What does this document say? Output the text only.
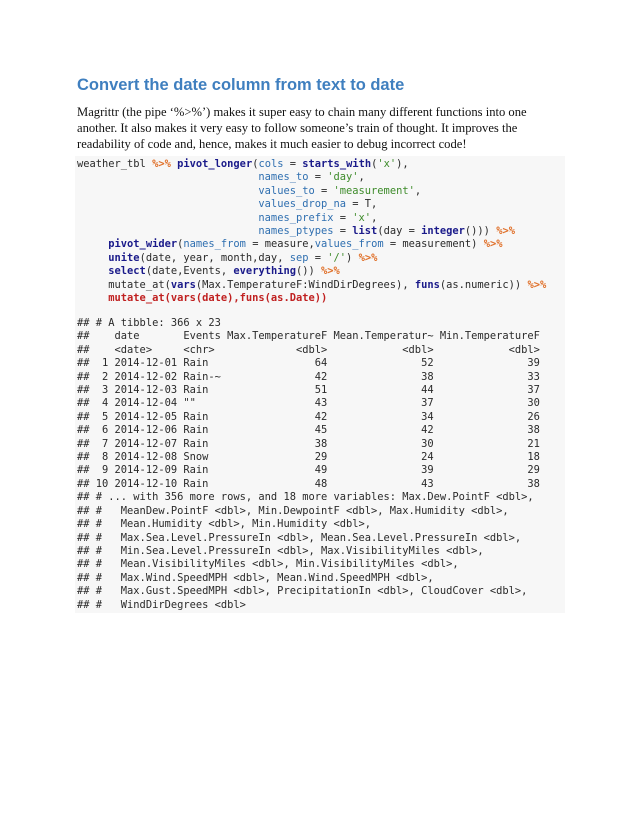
Convert the date column from text to date
Magrittr (the pipe ‘%>%’) makes it super easy to chain many different functions into one
another. It also makes it very easy to follow someone’s train of thought. It improves the
readability of code and, hence, makes it much easier to debug incorrect code!
weather_tbl %>% pivot_longer(cols = starts_with('x'),
names_to = 'day',
values_to = 'measurement',
values_drop_na = T,
names_prefix = 'x',
names_ptypes = list(day = integer())) %>%
pivot_wider(names_from = measure,values_from = measurement) %>%
unite(date, year, month,day, sep = '/') %>%
select(date,Events, everything()) %>%
mutate_at(vars(Max.TemperatureF:WindDirDegrees), funs(as.numeric)) %>%
mutate_at(vars(date),funs(as.Date))

## # A tibble: 366 x 23
##    date       Events Max.TemperatureF Mean.Temperatur~ Min.TemperatureF
##    <date>     <chr>             <dbl>            <dbl>            <dbl>
##  1 2014-12-01 Rain                 64               52               39
##  2 2014-12-02 Rain-~               42               38               33
##  3 2014-12-03 Rain                 51               44               37
##  4 2014-12-04 ""                   43               37               30
##  5 2014-12-05 Rain                 42               34               26
##  6 2014-12-06 Rain                 45               42               38
##  7 2014-12-07 Rain                 38               30               21
##  8 2014-12-08 Snow                 29               24               18
##  9 2014-12-09 Rain                 49               39               29
## 10 2014-12-10 Rain                 48               43               38
## # ... with 356 more rows, and 18 more variables: Max.Dew.PointF <dbl>,
## #   MeanDew.PointF <dbl>, Min.DewpointF <dbl>, Max.Humidity <dbl>,
## #   Mean.Humidity <dbl>, Min.Humidity <dbl>,
## #   Max.Sea.Level.PressureIn <dbl>, Mean.Sea.Level.PressureIn <dbl>,
## #   Min.Sea.Level.PressureIn <dbl>, Max.VisibilityMiles <dbl>,
## #   Mean.VisibilityMiles <dbl>, Min.VisibilityMiles <dbl>,
## #   Max.Wind.SpeedMPH <dbl>, Mean.Wind.SpeedMPH <dbl>,
## #   Max.Gust.SpeedMPH <dbl>, PrecipitationIn <dbl>, CloudCover <dbl>,
## #   WindDirDegrees <dbl>
